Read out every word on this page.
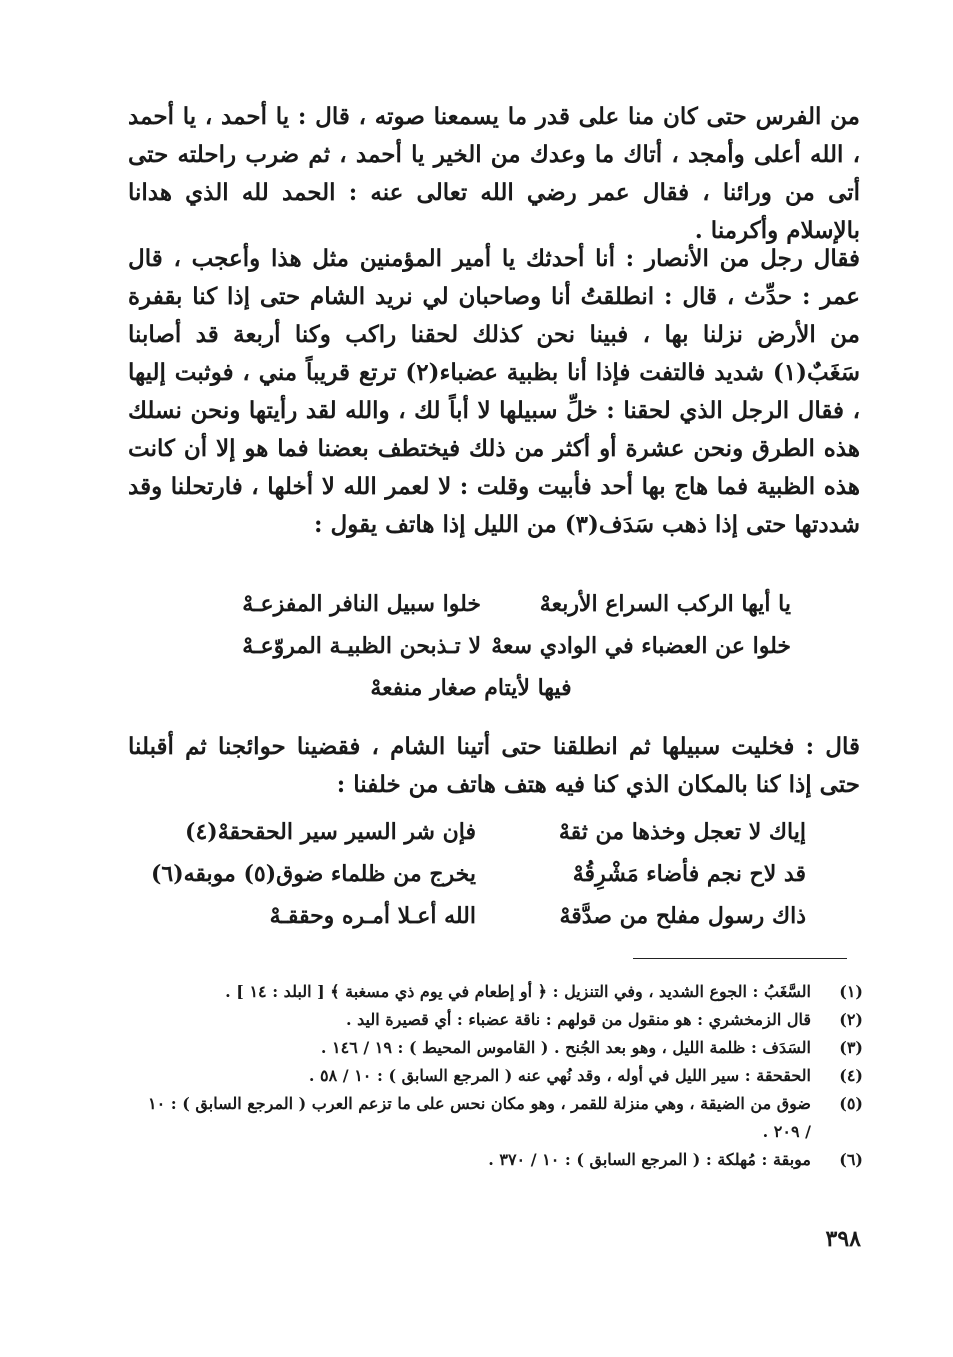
من الفرس حتى كان منا على قدر ما يسمعنا صوته ، قال : يا أحمد ، يا أحمد ، الله أعلى وأمجد ، أتاك ما وعدك من الخير يا أحمد ، ثم ضرب راحلته حتى أتى من ورائنا ، فقال عمر رضي الله تعالى عنه : الحمد لله الذي هدانا بالإسلام وأكرمنا .

فقال رجل من الأنصار : أنا أحدثك يا أمير المؤمنين مثل هذا وأعجب ، قال عمر : حدِّث ، قال : انطلقتُ أنا وصاحبان لي نريد الشام حتى إذا كنا بقفرة من الأرض نزلنا بها ، فبينا نحن كذلك لحقنا راكب وكنا أربعة قد أصابنا سَغَبٌ(١) شديد فالتفت فإذا أنا بظبية عضباء(٢) ترتع قريباً مني ، فوثبت إليها ، فقال الرجل الذي لحقنا : خلِّ سبيلها لا أباً لك ، والله لقد رأيتها ونحن نسلك هذه الطرق ونحن عشرة أو أكثر من ذلك فيختطف بعضنا فما هو إلا أن كانت هذه الظبية فما هاج بها أحد فأبيت وقلت : لا لعمر الله لا أخلها ، فارتحلنا وقد شددتها حتى إذا ذهب سَدَف(٣) من الليل إذا هاتف يقول :

يا أيها الركب السراع الأربعهْ
خلوا سبيل النافر المفزعـهْ
خلوا عن العضباء في الوادي سعهْ
لا تـذبحن الظبيـة المروّعـهْ
فيها لأيتام صغار منفعهْ

قال : فخليت سبيلها ثم انطلقنا حتى أتينا الشام ، فقضينا حوائجنا ثم أقبلنا حتى إذا كنا بالمكان الذي كنا فيه هتف هاتف من خلفنا :

إياك لا تعجل وخذها من ثقهْ
فإن شر السير سير الحقحقهْ(٤)
قد لاح نجم فأضاء مَشْرِقُهْ
يخرج من ظلماء ضوق(٥) موبقه(٦)
ذاك رسول مفلح من صدَّقهْ
الله أعـلا أمـره وحققـهْ
(١)
السَّغَبُ : الجوع الشديد ، وفي التنزيل : ﴿ أو إطعام في يوم ذي مسغبة ﴾ [ البلد : ١٤ ] .
(٢)
قال الزمخشري : هو منقول من قولهم : ناقة عضباء : أي قصيرة اليد .
(٣)
السَدَف : ظلمة الليل ، وهو بعد الجُنح . ( القاموس المحيط ) : ١٩ / ١٤٦ .
(٤)
الحقحقة : سير الليل في أوله ، وقد نُهي عنه ( المرجع السابق ) : ١٠ / ٥٨ .
(٥)
ضوق من الضيقة ، وهي منزلة للقمر ، وهو مكان نحس على ما تزعم العرب ( المرجع السابق ) : ١٠ / ٢٠٩ .
(٦)
موبقة : مُهلكة : ( المرجع السابق ) : ١٠ / ٣٧٠ .
٣٩٨
